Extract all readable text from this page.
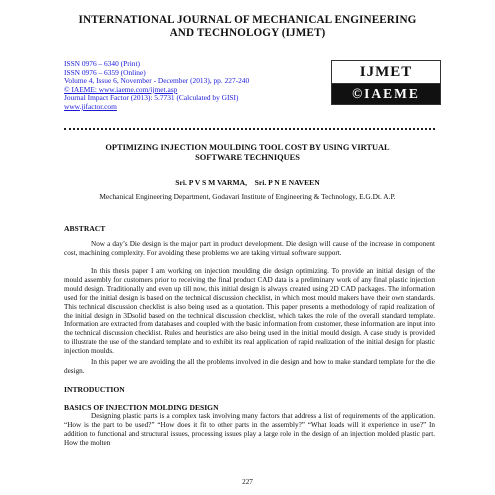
INTERNATIONAL JOURNAL OF MECHANICAL ENGINEERING
AND TECHNOLOGY (IJMET)
ISSN 0976 – 6340 (Print)
ISSN 0976 – 6359 (Online)
Volume 4, Issue 6, November - December (2013), pp. 227-240
© IAEME: www.iaeme.com/ijmet.asp
Journal Impact Factor (2013): 5.7731 (Calculated by GISI)
www.jifactor.com
IJMET
©IAEME
OPTIMIZING INJECTION MOULDING TOOL COST BY USING VIRTUAL
SOFTWARE TECHNIQUES
Sri. P V S M VARMA,    Sri. P N E NAVEEN
Mechanical Engineering Department, Godavari Institute of Engineering & Technology, E.G.Dt. A.P.
ABSTRACT
Now a day’s Die design is the major part in product development. Die design will cause of the increase in component cost, machining complexity. For avoiding these problems we are taking virtual software support.
In this thesis paper I am working on injection moulding die design optimizing. To provide an initial design of the mould assembly for customers prior to receiving the final product CAD data is a preliminary work of any final plastic injection mould design. Traditionally and even up till now, this initial design is always created using 2D CAD packages. The information used for the initial design is based on the technical discussion checklist, in which most mould makers have their own standards. This technical discussion checklist is also being used as a quotation. This paper presents a methodology of rapid realization of the initial design in 3Dsolid based on the technical discussion checklist, which takes the role of the overall standard template. Information are extracted from databases and coupled with the basic information from customer, these information are input into the technical discussion checklist. Rules and heuristics are also being used in the initial mould design. A case study is provided to illustrate the use of the standard template and to exhibit its real application of rapid realization of the initial design for plastic injection moulds.
In this paper we are avoiding the all the problems involved in die design and how to make standard template for the die design.
INTRODUCTION
BASICS OF INJECTION MOLDING DESIGN
Designing plastic parts is a complex task involving many factors that address a list of requirements of the application. “How is the part to be used?” “How does it fit to other parts in the assembly?” “What loads will it experience in use?” In addition to functional and structural issues, processing issues play a large role in the design of an injection molded plastic part. How the molten
227
